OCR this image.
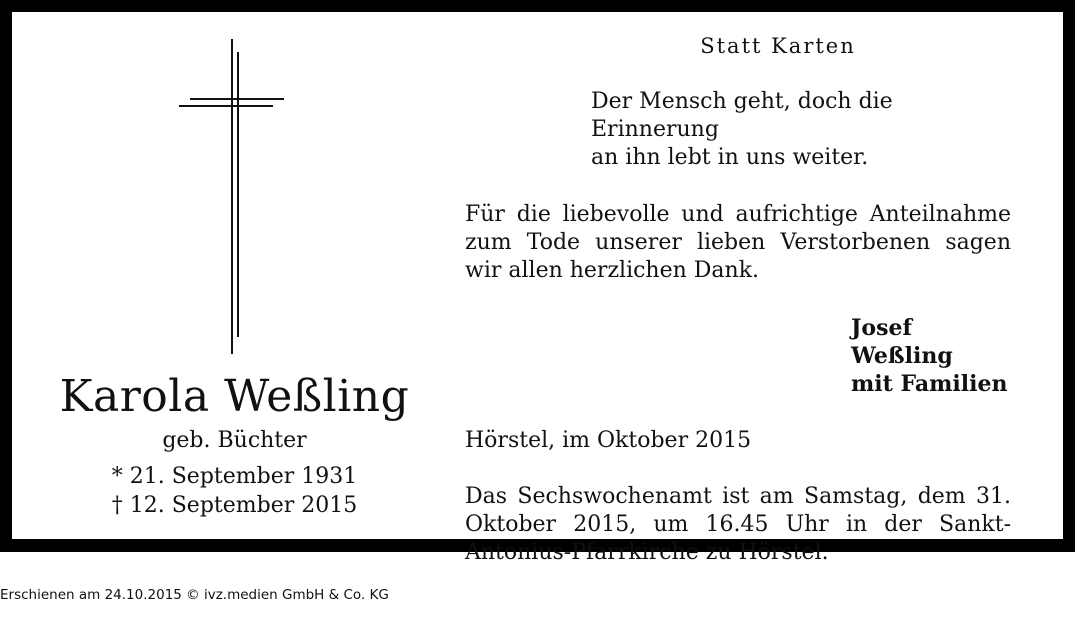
Karola Weßling
geb. Büchter
* 21. September 1931
† 12. September 2015
Statt Karten
Der Mensch geht, doch die Erinnerung
an ihn lebt in uns weiter.
Für die liebevolle und aufrichtige Anteilnahme zum Tode unserer lieben Verstorbenen sagen wir allen herzlichen Dank.
Josef Weßling
mit Familien
Hörstel, im Oktober 2015
Das Sechswochenamt ist am Samstag, dem 31. Oktober 2015, um 16.45 Uhr in der Sankt-Antonius-Pfarrkirche zu Hörstel.
Erschienen am 24.10.2015 © ivz.medien GmbH & Co. KG
